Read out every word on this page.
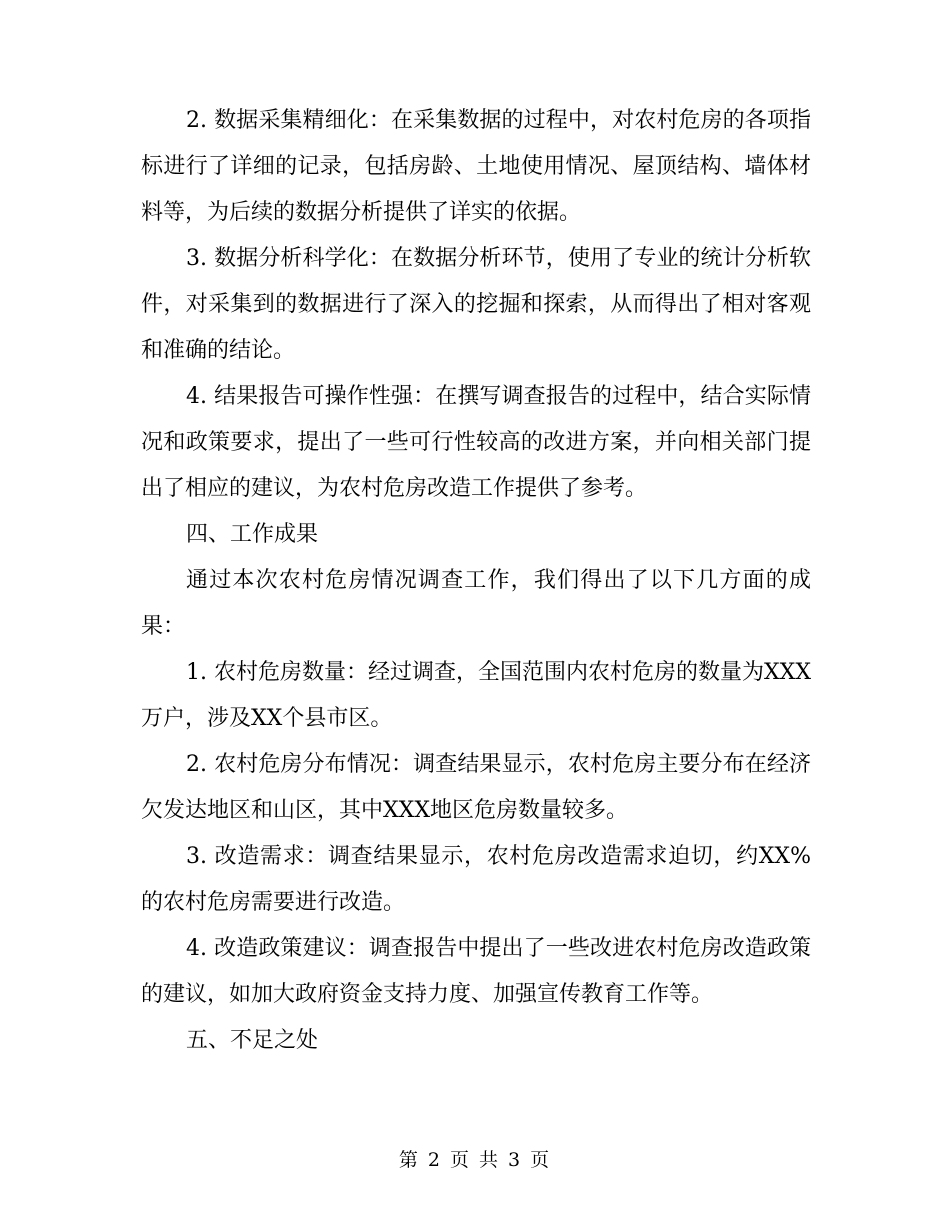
2. 数据采集精细化：在采集数据的过程中，对农村危房的各项指标进行了详细的记录，包括房龄、土地使用情况、屋顶结构、墙体材料等，为后续的数据分析提供了详实的依据。

3. 数据分析科学化：在数据分析环节，使用了专业的统计分析软件，对采集到的数据进行了深入的挖掘和探索，从而得出了相对客观和准确的结论。

4. 结果报告可操作性强：在撰写调查报告的过程中，结合实际情况和政策要求，提出了一些可行性较高的改进方案，并向相关部门提出了相应的建议，为农村危房改造工作提供了参考。

四、工作成果

通过本次农村危房情况调查工作，我们得出了以下几方面的成果：

1. 农村危房数量：经过调查，全国范围内农村危房的数量为XXX万户，涉及XX个县市区。

2. 农村危房分布情况：调查结果显示，农村危房主要分布在经济欠发达地区和山区，其中XXX地区危房数量较多。

3. 改造需求：调查结果显示，农村危房改造需求迫切，约XX%的农村危房需要进行改造。

4. 改造政策建议：调查报告中提出了一些改进农村危房改造政策的建议，如加大政府资金支持力度、加强宣传教育工作等。

五、不足之处

第 2 页 共 3 页
